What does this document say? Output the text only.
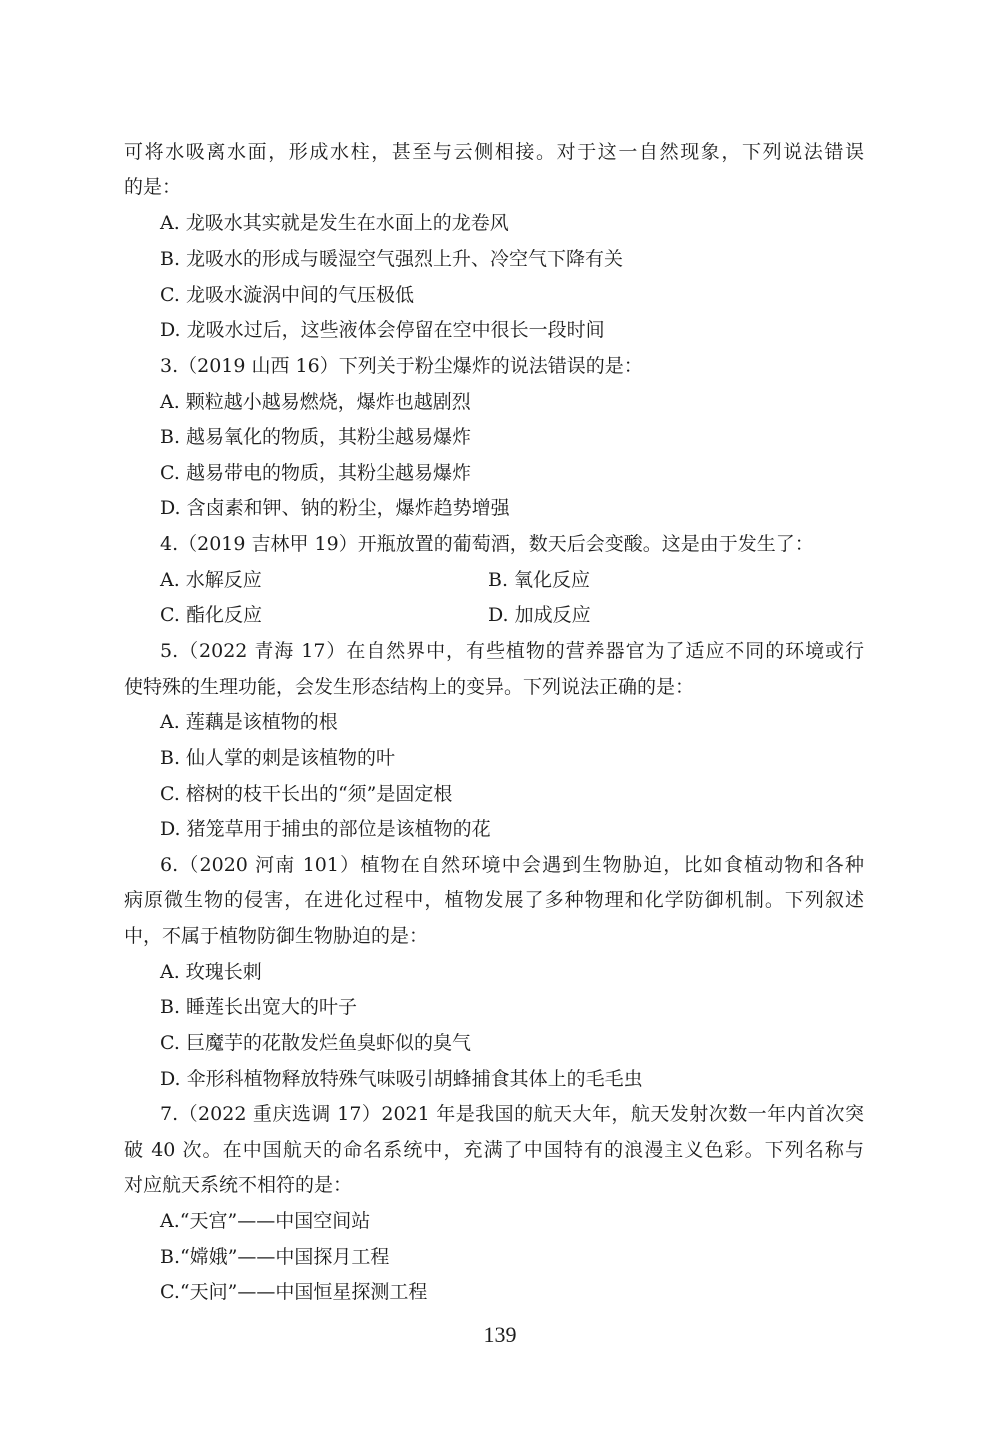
可将水吸离水面，形成水柱，甚至与云侧相接。对于这一自然现象，下列说法错误
的是：
A. 龙吸水其实就是发生在水面上的龙卷风
B. 龙吸水的形成与暖湿空气强烈上升、冷空气下降有关
C. 龙吸水漩涡中间的气压极低
D. 龙吸水过后，这些液体会停留在空中很长一段时间
3.（2019 山西 16）下列关于粉尘爆炸的说法错误的是：
A. 颗粒越小越易燃烧，爆炸也越剧烈
B. 越易氧化的物质，其粉尘越易爆炸
C. 越易带电的物质，其粉尘越易爆炸
D. 含卤素和钾、钠的粉尘，爆炸趋势增强
4.（2019 吉林甲 19）开瓶放置的葡萄酒，数天后会变酸。这是由于发生了：
A. 水解反应	B. 氧化反应
C. 酯化反应	D. 加成反应
5.（2022 青海 17）在自然界中，有些植物的营养器官为了适应不同的环境或行
使特殊的生理功能，会发生形态结构上的变异。下列说法正确的是：
A. 莲藕是该植物的根
B. 仙人掌的刺是该植物的叶
C. 榕树的枝干长出的“须”是固定根
D. 猪笼草用于捕虫的部位是该植物的花
6.（2020 河南 101）植物在自然环境中会遇到生物胁迫，比如食植动物和各种
病原微生物的侵害，在进化过程中，植物发展了多种物理和化学防御机制。下列叙述
中，不属于植物防御生物胁迫的是：
A. 玫瑰长刺
B. 睡莲长出宽大的叶子
C. 巨魔芋的花散发烂鱼臭虾似的臭气
D. 伞形科植物释放特殊气味吸引胡蜂捕食其体上的毛毛虫
7.（2022 重庆选调 17）2021 年是我国的航天大年，航天发射次数一年内首次突
破 40 次。在中国航天的命名系统中，充满了中国特有的浪漫主义色彩。下列名称与
对应航天系统不相符的是：
A.“天宫”——中国空间站
B.“嫦娥”——中国探月工程
C.“天问”——中国恒星探测工程
139
